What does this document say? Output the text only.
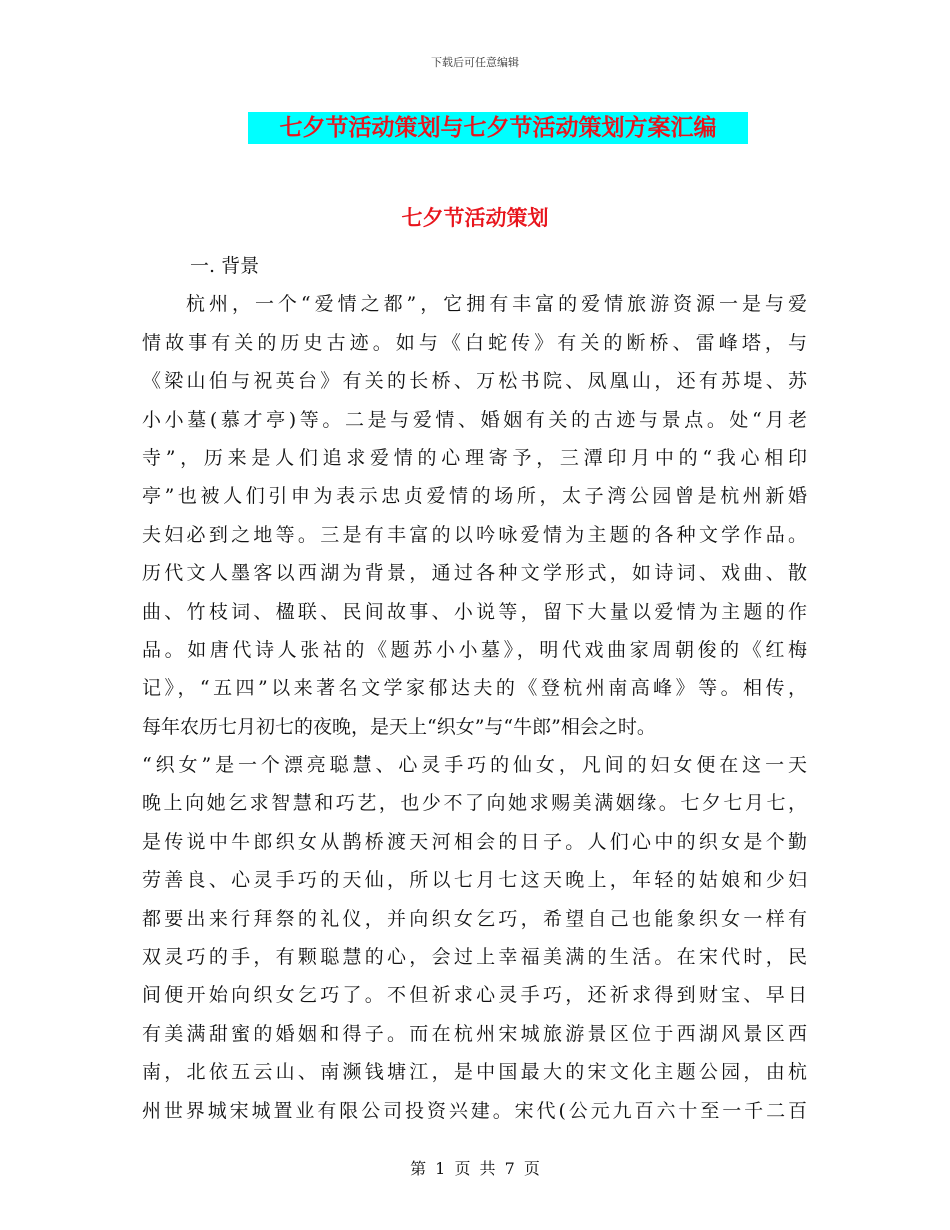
下载后可任意编辑
七夕节活动策划与七夕节活动策划方案汇编
七夕节活动策划
一. 背景
杭州，一个“爱情之都”，它拥有丰富的爱情旅游资源一是与爱
情故事有关的历史古迹。如与《白蛇传》有关的断桥、雷峰塔，与
《梁山伯与祝英台》有关的长桥、万松书院、凤凰山，还有苏堤、苏
小小墓(慕才亭)等。二是与爱情、婚姻有关的古迹与景点。处“月老
寺”，历来是人们追求爱情的心理寄予，三潭印月中的“我心相印
亭”也被人们引申为表示忠贞爱情的场所，太子湾公园曾是杭州新婚
夫妇必到之地等。三是有丰富的以吟咏爱情为主题的各种文学作品。
历代文人墨客以西湖为背景，通过各种文学形式，如诗词、戏曲、散
曲、竹枝词、楹联、民间故事、小说等，留下大量以爱情为主题的作
品。如唐代诗人张祜的《题苏小小墓》，明代戏曲家周朝俊的《红梅
记》，“五四”以来著名文学家郁达夫的《登杭州南高峰》等。相传，
每年农历七月初七的夜晚，是天上“织女”与“牛郎”相会之时。
“织女”是一个漂亮聪慧、心灵手巧的仙女，凡间的妇女便在这一天
晚上向她乞求智慧和巧艺，也少不了向她求赐美满姻缘。七夕七月七，
是传说中牛郎织女从鹊桥渡天河相会的日子。人们心中的织女是个勤
劳善良、心灵手巧的天仙，所以七月七这天晚上，年轻的姑娘和少妇
都要出来行拜祭的礼仪，并向织女乞巧，希望自己也能象织女一样有
双灵巧的手，有颗聪慧的心，会过上幸福美满的生活。在宋代时，民
间便开始向织女乞巧了。不但祈求心灵手巧，还祈求得到财宝、早日
有美满甜蜜的婚姻和得子。而在杭州宋城旅游景区位于西湖风景区西
南，北依五云山、南濒钱塘江，是中国最大的宋文化主题公园，由杭
州世界城宋城置业有限公司投资兴建。宋代(公元九百六十至一千二百
第 1 页 共 7 页
